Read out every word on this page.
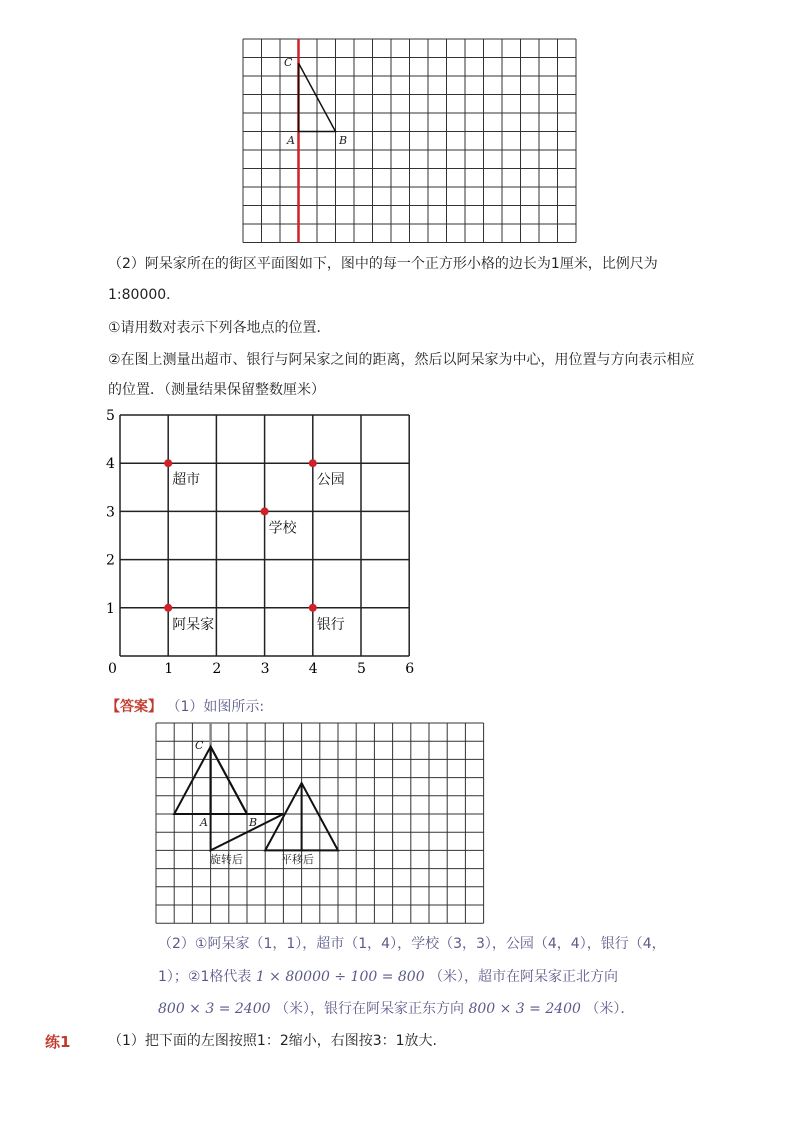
C
A	B
（2）阿呆家所在的街区平面图如下，图中的每一个正方形小格的边长为1厘米，比例尺为
1:80000．
①请用数对表示下列各地点的位置．
②在图上测量出超市、银行与阿呆家之间的距离，然后以阿呆家为中心，用位置与方向表示相应
的位置．（测量结果保留整数厘米）
0	1	2	3	4	5	6
1
2
3
4
5
超市	公园
学校
阿呆家	银行
【答案】 （1）如图所示:
C
A	B
旋转后	平移后
（2）①阿呆家（1，1），超市（1，4），学校（3，3），公园（4，4），银行（4，
1）；②1格代表 1 × 80000 ÷ 100 = 800 （米），超市在阿呆家正北方向
800 × 3 = 2400 （米），银行在阿呆家正东方向 800 × 3 = 2400 （米）．
练1	（1）把下面的左图按照1：2缩小，右图按3：1放大.
